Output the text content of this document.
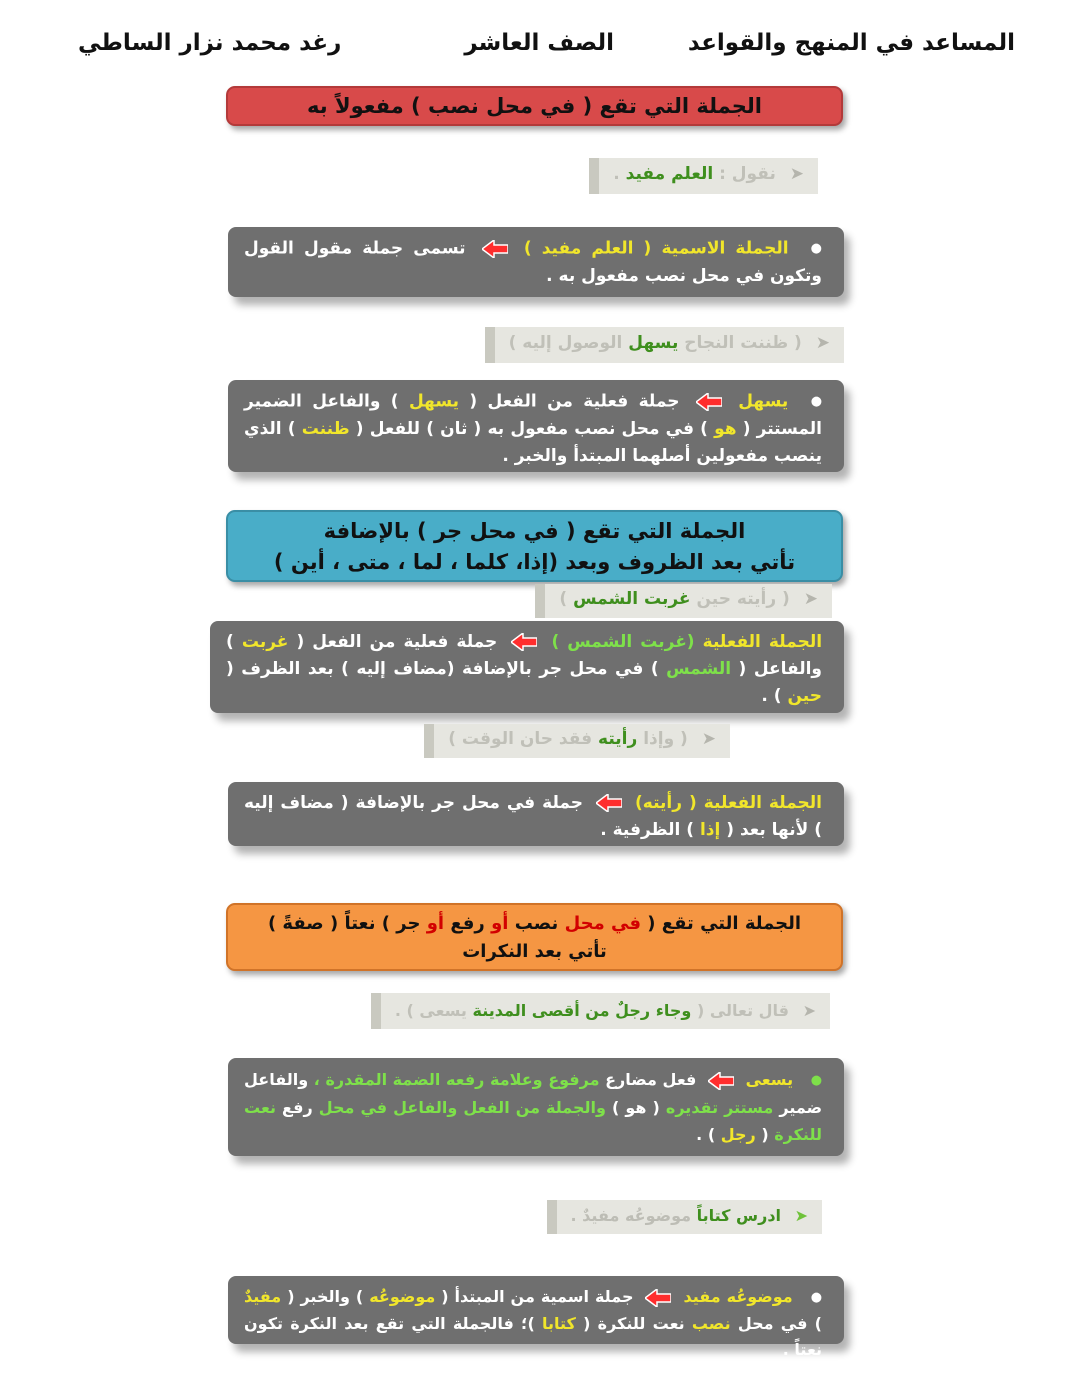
المساعد في المنهج والقواعد
الصف العاشر
رغد محمد نزار الساطي
الجملة التي تقع ( في محل نصب ) مفعولاً به
➤ نقول : العلم مفيد .

● الجملة الاسمية ( العلم مفيد )  تسمى جملة مقول القول وتكون في محل نصب مفعول به .

➤ ( ظننت النجاح يسهل الوصول إليه )

● يسهل  جملة فعلية من الفعل ( يسهل ) والفاعل الضمير المستتر ( هو ) في محل نصب مفعول به ( ثان ) للفعل ( ظننت ) الذي ينصب مفعولين أصلهما المبتدأ والخبر .

الجملة التي تقع ( في محل جر ) بالإضافة
تأتي بعد الظروف وبعد (إذا، كلما ، لما ، متى ، أين )
➤ ( رأيته حين غربت الشمس )

الجملة الفعلية (غربت الشمس )  جملة فعلية من الفعل ( غربت ) والفاعل ( الشمس ) في محل جر بالإضافة (مضاف إليه ) بعد الظرف ( حين ) .

➤ ( وإذا رأيته فقد حان الوقت )

الجملة الفعلية ( رأيته)  جملة في محل جر بالإضافة ( مضاف إليه ) لأنها بعد ( إذا ) الظرفية .

الجملة التي تقع ( في محل نصب أو رفع أو جر ) نعتاً ( صفةً )
تأتي بعد النكرات
➤ قال تعالى ( وجاء رجلٌ من أقصى المدينة يسعى ) .

● يسعى  فعل مضارع مرفوع وعلامة رفعه الضمة المقدرة ، والفاعل ضمير مستتر تقديره ( هو ) والجملة من الفعل والفاعل في محل رفع نعت للنكرة ( رجل ) .

➤ ادرس كتاباً موضوعُه مفيدٌ .

● موضوعُه مفيد  جملة اسمية من المبتدأ ( موضوعُه ) والخبر ( مفيدٌ ) في محل نصب نعت للنكرة ( كتابا )؛ فالجملة التي تقع بعد النكرة تكون نعتاً .
